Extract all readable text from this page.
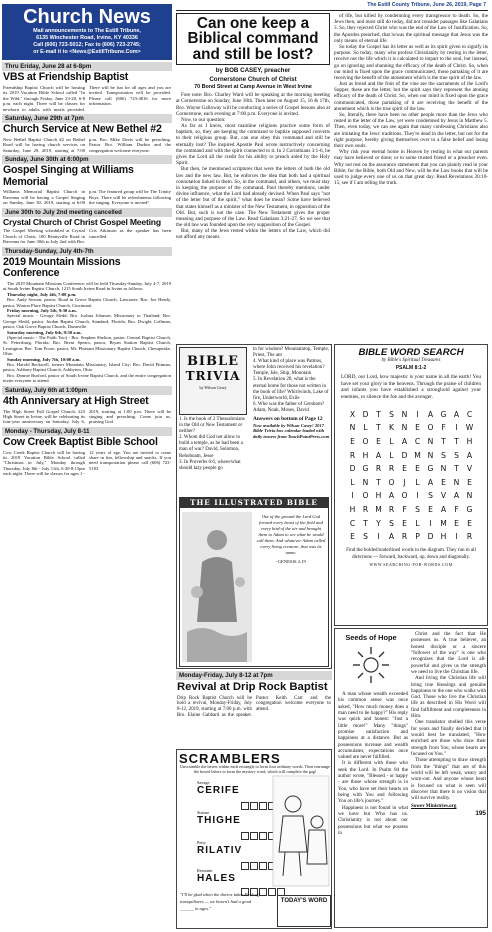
The Estill County Tribune, June 26, 2019, Page 7
Church News
Mail announcements to The Estill Tribune,
6135 Winchester Road, Irvine, KY 40336
Call (606) 723-5012; Fax to (606) 723-2745;
or E-mail it to <News@EstillTribune.Com>
Thru Eriday, June 28 at 6-8pm
VBS at Friendship Baptist
Friendship Baptist Church will be hosting its 2019 Vacation Bible School called "In the Wild," through Friday, June 23-28, 6-8 p.m. each night. There will be classes for newborn to adults with meals provided. There will be fun for all ages and you are invited. Transportation will be provided. Please call (606) 723-4816 for more information.
Saturday, June 29th at 7pm
Church Service at New Bethel #2
New Bethel Baptist Church #2 on Bethel Road will be having church services on Saturday, June 29, 2019, starting at 7:00 p.m. Bro. Mike Davis will be preaching. Pastor Bro. William Durbin and the congregation welcome everyone.
Sunday, June 30th at 6:00pm
Gospel Singing at Williams Memorial
Williams Memorial Baptist Church in Ravenna will be having a Gospel Singing on Sunday, June 30, 2019, starting at 6:00 p.m. The featured group will be The Trinity Boys. There will be refreshments following the singing. Everyone is invited!
June 30th to July 2nd meeting cancelled
Crystal Church of Christ Gospel Meeting
The Gospel Meeting scheduled at Crystal Church of Christ, 100 Beattyville Road in Ravenna for June 30th to July 2nd with Bro. Cris Atkinson as the speaker has been cancelled.
Thursday-Sunday, July 4th-7th
2019 Mountain Missions Conference

The 2019 Mountain Missions Conference will be held Thursday-Sunday, July 4-7, 2019 at South Irvine Baptist Church, 1215 South Irvine Road in Irvine as follows:

Thursday night, July 4th, 7:00 p.m.

Bro. Andy Sexton, pastor, Road in Grove Baptist Church, Lancaster; Bro. Joe Heady, pastor, Winton Place Baptist Church, Cincinnati.

Friday morning, July 5th, 9:30 a.m.

Special music - George Sledd; Bro. Joshua Johnson, Missionary to Thailand; Bro. George Sledd, pastor, Jordan Baptist Church, Standard, Florida; Bro. Dwight Coffman, pastor, Oak Grove Baptist Church, Dunnville.

Saturday morning, July 6th, 9:30 a.m.

(Special music - The Faith Trio) - Bro. Stephen Shelton, pastor, Central Baptist Church, St. Petersburg, Florida; Bro. Brent Spears, pastor, Bryan Station Baptist Church, Lexington; Bro. Tom Poore, pastor, Mt. Pleasant Missionary Baptist Church, Chesapeake, Ohio.

Sunday morning, July 7th, 10:00 a.m.

Bro. Harold Beckwell, former Mountain Missionary, Island City; Bro. David Pittman, pastor, Ashbury Baptist Church, Ashbyton, Ohio.

Bro. Donnie Burford, pastor of South Irvine Baptist Church, and the entire congregation invite everyone to attend.

Saturday, July 6th at 1:00pm
4th Anniversary at High Street
The High Street Full Gospel Church, 223 High Street in Irvine, will be celebrating its four-year anniversary on Saturday, July 6, 2019, starting at 1:00 p.m. There will be singing and preaching. Come join us, praising God.
Monday - Thursday, July 8-11
Cow Creek Baptist Bible School
Cow Creek Baptist Church will be having its 2019 Vacation Bible School called "Christmas in July," Monday through Thursday, July 8th - July 11th, 6:30-8:15pm each night. There will be classes for ages 1 - 12 years of age. You are invited to come share in fun, fellowship and snacks. If you need transportation please call (606) 723-5183.
Can one keep a Biblical command and still be lost?
by BOB CASEY, preacher
Cornerstone Church of Christ
70 Bond Street at Camp Avenue in West Irvine

Fore note: Bro. Charley Ward will be speaking at the morning meeting at Cornerstone on Sunday, June 30th. Then later on August 15, 16 & 17th, Bro. Wayne Galloway will be conducting a series of Gospel lessons also at Cornerstone, each evening at 7:00 p.m. Everyone is invited.

Now, to our question:

As far as I know, most mainline religions practice some form of baptism, so, they are keeping the command to baptize supposed converts to their religious group. But, can one obey this command and still be eternally lost? The inspired Apostle Paul wrote instructively concerning the command and with the spirit connected to it. In 2 Corinthians 3:1-6, he gives the Lord all the credit for his ability to preach aided by the Holy Spirit.

But then, he mentioned scriptures that were the letters of both the old law and the new law. But, he enforces the idea that both had a spiritual connotation linked to them. So, in the command, and others, we must stay in keeping the purpose of the command. Paul thereby mentions, under divine influence, what the Lord had already devised. When Paul says "not of the letter but of the spirit," what does he mean? Some have believed that states himself as a minister of the New Testament, in opposition of the Old. But, such is not the case. The New Testament gives the proper meaning and purpose of the Law. Read Galatians 3:21-27. So we see that the old law was founded upon the very supposition of the Gospel.

But, many of the Jews rested within the letters of the Law, which did not afford any means

of life, but killed by condemning every transgressor to death. So, the Jews then, and most still do today, did not consider passages like Galatians 3. So, they rejected Christ who was the end of the Law of Justification. So, the Apostles preached, that is/was the spiritual message that Jesus was the only means of eternal life.

So today the Gospel has its letter as well as its spirit given to signify its purpose. So today, many who profess Christianity by resting in the letter, receive not the life which it is calculated to impart to the soul, but instead, go on ignoring and shunning the efficacy of the death of Christ. So, when our mind is fixed upon the grace communicated, those partaking of it are receiving the benefit of the atonement which is the true spirit of the law.

Just as bread and the fruit of the vine are the sacraments of the Lord's Supper, these are the letter, but the spirit says they represent the atoning efficacy of the death of Christ. So, when our mind is fixed upon the grace communicated, those partaking of it are receiving the benefit of the atonement which is the true spirit of the law.

So, literally, there have been no other people more than the Jews who rested in the letter of the Law, yet were condemned by Jesus in Matthew 5. Then, even today, we can see again that many confessing Christians also are imitating the Jews' traditions. They're dead in the letter, but not for the right purpose, hereby giving themselves over to a false belief and losing their own souls.

Why risk your eternal home in Heaven by resting in what our parents may have believed or done; or to some trusted friend or a preacher even. Why not rest on the assurance statements that you can plainly read in your Bible; for the Bible, both Old and New, will be the Law books that will be used to judge every one of us on that great day. Read Revelations 20:10-15, see if I am telling the truth.

BIBLE
TRIVIA
by Wilson Casey

1. Is the book of 2 Thessalonians in the Old or New Testament or neither?

2. Whom did God not allow to build a temple, as he had been a man of war? David, Solomon, Rehoboam, Jesse

3. In Proverbs 6:6, where/what should lazy people go

to for wisdom? Mountaintop, Temple, Priest, The ant

4. What kind of place was Patmos, where John received his revelation? Temple, Isle, Ship, Mountain

5. In Revelation 20, what is the eternal home for those not written in the book of life? Whirlwinds, Lake of fire, Underworld, Exile

6. Who was the father of Gershom? Adam, Noah, Moses, David

Answers on bottom of Page 12

Now available by Wilson Casey! 2017 Bible Trivia box calendar loaded with daily teasers from TouchPointPress.com

THE ILLUSTRATED BIBLE
Out of the ground the Lord God formed every beast of the field and every bird of the air and brought them to Adam to see what he would call them. And whatever Adam called every living creature, that was its name.
-GENESIS 2:19
BIBLE WORD SEARCH
by Bible's Spiritual Treasures
PSALM 8:1-2
LORD, our Lord, how majestic is your name in all the earth! You have set your glory in the heavens. Through the praise of children and infants you have established a stronghold against your enemies, to silence the foe and the avenger.
X	D	T	S	N	I	A	G	A	C
N	L	T	K	N	E	O	F	I	W
E	O	E	L	A	C	N	T	T	H
R	H	A	L	D	M	N	S	S	A
D	G	R	R	E	E	G	N	T	V
L	N	T	O	J	L	A	E	N	E
I	O	H	A	O	I	S	V	A	N
H	R	M	R	F	S	E	A	F	G
C	T	Y	S	E	L	I	M	E	E
E	S	I	A	R	P	D	H	I	R
Find the bolded/underlined words in the diagram. They run in all directions — forward, backward, up, down and diagonally.
WWW.SEARCHING-FOR-WORDS.COM
Seeds of Hope

A man whose wealth exceeded his common sense was once asked, "How much money does a man need to be happy?" His reply was quick and honest: "Just a little more!" Many "things" promise satisfaction and happiness at a distance. But as possessions increase and wealth accumulates, expectations once valued are never fulfilled.

It is different with those who seek the Lord. In Psalm 84 the author wrote, "Blessed - or happy - are those whose strength is in You, who have set their hearts on being with You and following You on life's journey."

Happiness is not found in what we have but Who has us. Christianity is not about our possessions but what we possess in

Christ and the fact that He possesses us. A true believer, an honest disciple or a sincere "follower of the way" is one who recognizes that the Lord is all-powerful and gives us the strength we need to live the Christian life.

And living the Christian life will bring true blessings and genuine happiness to the one who walks with God. Those who live the Christian life as described in His Word will find fulfillment and completeness in Him.

One translator studied this verse for years and finally decided that it would best be translated, "How enriched are those who draw their strength from You, whose hearts are focused on You."

Those attempting to draw strength from the "things" that are of this world will be left weak, weary and worn-out. And anyone whose heart is focused on what is seen will discover that there is no vision that will survive reality.

Sower Ministries.org
195
Monday-Friday, July 8-12 at 7pm
Revival at Drip Rock Baptist
Drip Rock Baptist Church will be hold a revival, Monday-Friday, July 8-12, 2019, starting at 7:00 p.m. with Bro. Elaine Gabbard as the speaker. Pastor Keith Carr and the congregation welcome everyone to attend.
SCRAMBLERS
Unscramble the letters within each rectangle to form four ordinary words. Then rearrange the boxed letters to form the mystery word, which will complete the gag!
Savage
CERIFE
Stature
THIGHE
Petty
RILATIV
Restraint
HALES
"I'll be glad when the doctor takes Herb off
tranquilizers — we haven't had a good
______ in ages."
TODAY'S WORD
